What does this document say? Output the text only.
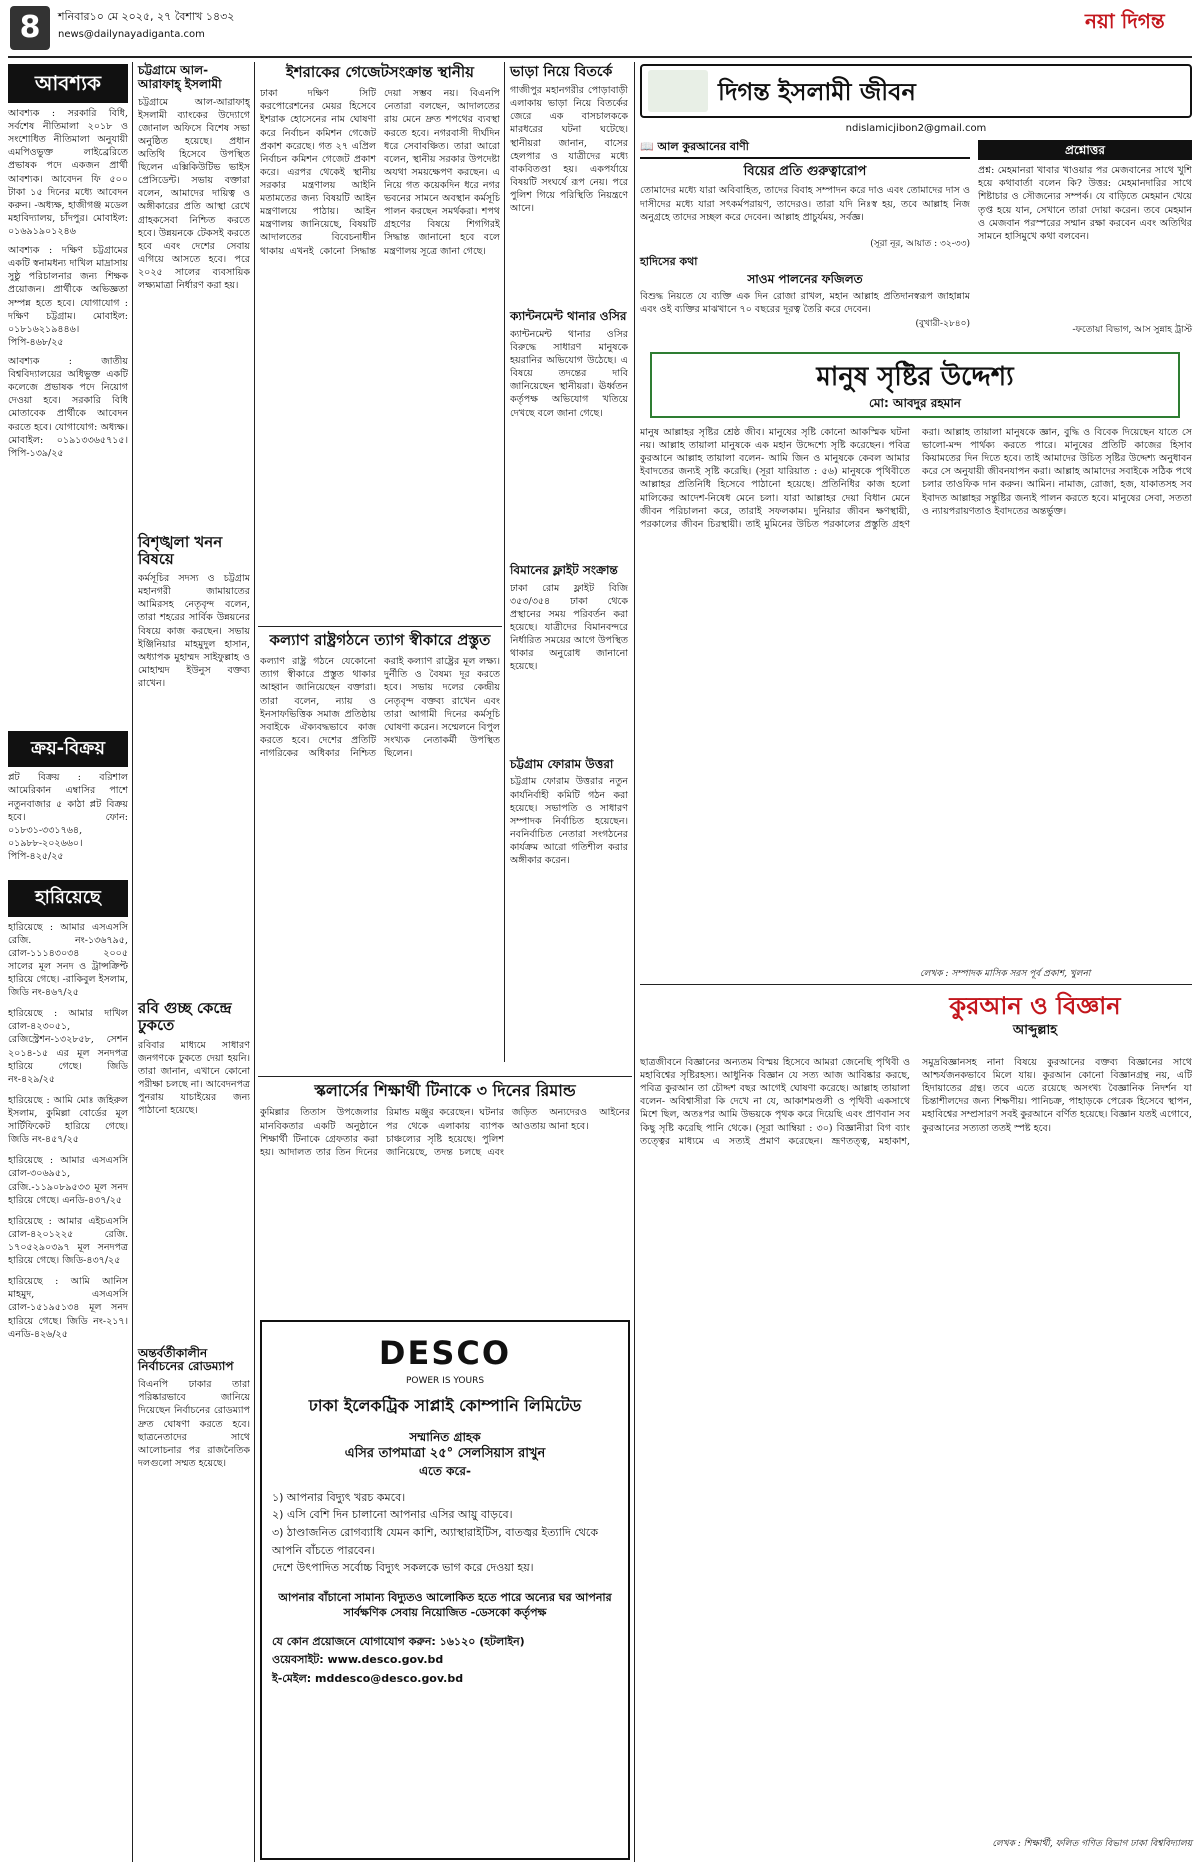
8	শনিবার১০ মে ২০২৫, ২৭ বৈশাখ ১৪৩২
news@dailynayadiganta.com
নয়া দিগন্ত
আবশ্যক

আবশ্যক : সরকারি বিধি, সর্বশেষ নীতিমালা ২০১৮ ও সংশোধিত নীতিমালা অনুযায়ী এমপিওভুক্ত লাইব্রেরিতে প্রভাষক পদে একজন প্রার্থী আবশ্যক। আবেদন ফি ৫০০ টাকা ১৫ দিনের মধ্যে আবেদন করুন। -অধ্যক্ষ, হাজীগঞ্জ মডেল মহাবিদ্যালয়, চাঁদপুর। মোবাইল: ০১৬৯১৯০১২৪৬

আবশ্যক : দক্ষিণ চট্টগ্রামের একটি স্বনামধন্য দাখিল মাদ্রাসায় সুষ্ঠু পরিচালনার জন্য শিক্ষক প্রয়োজন। প্রার্থীকে অভিজ্ঞতা সম্পন্ন হতে হবে। যোগাযোগ : দক্ষিণ চট্টগ্রাম। মোবাইল: ০১৮১৬২১৯৪৪৬। পিপি-৪৬৮/২৫

আবশ্যক : জাতীয় বিশ্ববিদ্যালয়ের অধিভুক্ত একটি কলেজে প্রভাষক পদে নিয়োগ দেওয়া হবে। সরকারি বিধি মোতাবেক প্রার্থীকে আবেদন করতে হবে। যোগাযোগ: অধ্যক্ষ। মোবাইল: ০১৯১৩৩৬৫৭১৫। পিপি-১৩৯/২৫

ক্রয়-বিক্রয়

প্লট বিক্রয় : বরিশাল আমেরিকান এম্বাসির পাশে নতুনবাজার ৫ কাঠা প্লট বিক্রয় হবে। ফোন: ০১৮৩১-৩৩১৭৬৪, ০১৯৮৮-২০২৬৬০। পিপি-৪২৫/২৫

হারিয়েছে

হারিয়েছে : আমার এসএসসি রেজি. নং-১৩৬৭৯৫, রোল-১১১৪৩০৩৪ ২০০৫ সালের মূল সনদ ও ট্রান্সক্রিপ্ট হারিয়ে গেছে। -রাকিবুল ইসলাম, জিডি নং-৪৬৭/২৫

হারিয়েছে : আমার দাখিল রোল-৪২৩০৫১, রেজিস্ট্রেশন-১৩২৮৫৮, সেশন ২০১৪-১৫ এর মূল সনদপত্র হারিয়ে গেছে। জিডি নং-৪২৯/২৫

হারিয়েছে : আমি মোঃ জহিরুল ইসলাম, কুমিল্লা বোর্ডের মূল সার্টিফিকেট হারিয়ে গেছে। জিডি নং-৪৫৭/২৫

হারিয়েছে : আমার এসএসসি রোল-৩০৬৯৫১, রেজি.-১১৯০৮৯৫৩৩ মূল সনদ হারিয়ে গেছে। এনডি-৪৩৭/২৫

হারিয়েছে : আমার এইচএসসি রোল-৪২০১২২৫ রেজি. ১৭০৫২৯০৩৯৭ মূল সনদপত্র হারিয়ে গেছে। জিডি-৪৩৭/২৫

হারিয়েছে : আমি আনিস মাহমুদ, এসএসসি রোল-১৫১৯৫১৩৪ মূল সনদ হারিয়ে গেছে। জিডি নং-২১৭। এনডি-৪২৬/২৫

চট্টগ্রামে আল-আরাফাহ্ ইসলামী
চট্টগ্রামে আল-আরাফাহ্ ইসলামী ব্যাংকের উদ্যোগে জোনাল অফিসে বিশেষ সভা অনুষ্ঠিত হয়েছে। প্রধান অতিথি হিসেবে উপস্থিত ছিলেন এক্সিকিউটিভ ভাইস প্রেসিডেন্ট। সভায় বক্তারা বলেন, আমাদের দায়িত্ব ও অঙ্গীকারের প্রতি আস্থা রেখে গ্রাহকসেবা নিশ্চিত করতে হবে। উন্নয়নকে টেকসই করতে হবে এবং দেশের সেবায় এগিয়ে আসতে হবে। পরে ২০২৫ সালের ব্যবসায়িক লক্ষ্যমাত্রা নির্ধারণ করা হয়।
বিশৃঙ্খলা খনন বিষয়ে
কর্মসূচির সদস্য ও চট্টগ্রাম মহানগরী জামায়াতের আমিরসহ নেতৃবৃন্দ বলেন, তারা শহরের সার্বিক উন্নয়নের বিষয়ে কাজ করছেন। সভায় ইঞ্জিনিয়ার মাহমুদুল হাসান, অধ্যাপক মুহাম্মদ সাইফুল্লাহ ও মোহাম্মদ ইউনুস বক্তব্য রাখেন।
রবি গুচ্ছ কেন্দ্রে ঢুকতে
রবিবার মাধ্যমে সাধারণ জনগণকে ঢুকতে দেয়া হয়নি। তারা জানান, এখানে কোনো পরীক্ষা চলছে না। আবেদনপত্র পুনরায় যাচাইয়ের জন্য পাঠানো হয়েছে।
অন্তর্বর্তীকালীন নির্বাচনের রোডম্যাপ
বিএনপি ঢাকার তারা পরিষ্কারভাবে জানিয়ে দিয়েছেন নির্বাচনের রোডম্যাপ দ্রুত ঘোষণা করতে হবে। ছাত্রনেতাদের সাথে আলোচনার পর রাজনৈতিক দলগুলো সম্মত হয়েছে।
ইশরাকের গেজেটসংক্রান্ত স্থানীয়
ঢাকা দক্ষিণ সিটি করপোরেশনের মেয়র হিসেবে ইশরাক হোসেনের নাম ঘোষণা করে নির্বাচন কমিশন গেজেট প্রকাশ করেছে। গত ২৭ এপ্রিল নির্বাচন কমিশন গেজেট প্রকাশ করে। এরপর থেকেই স্থানীয় সরকার মন্ত্রণালয় আইনি মতামতের জন্য বিষয়টি আইন মন্ত্রণালয়ে পাঠায়। আইন মন্ত্রণালয় জানিয়েছে, বিষয়টি আদালতের বিবেচনাধীন থাকায় এখনই কোনো সিদ্ধান্ত দেয়া সম্ভব নয়। বিএনপি নেতারা বলছেন, আদালতের রায় মেনে দ্রুত শপথের ব্যবস্থা করতে হবে। নগরবাসী দীর্ঘদিন ধরে সেবাবঞ্চিত। তারা আরো বলেন, স্থানীয় সরকার উপদেষ্টা অযথা সময়ক্ষেপণ করছেন। এ নিয়ে গত কয়েকদিন ধরে নগর ভবনের সামনে অবস্থান কর্মসূচি পালন করছেন সমর্থকরা। শপথ গ্রহণের বিষয়ে শিগগিরই সিদ্ধান্ত জানানো হবে বলে মন্ত্রণালয় সূত্রে জানা গেছে।
ভাড়া নিয়ে বিতর্কে
গাজীপুর মহানগরীর পোড়াবাড়ী এলাকায় ভাড়া নিয়ে বিতর্কের জেরে এক বাসচালককে মারধরের ঘটনা ঘটেছে। স্থানীয়রা জানান, বাসের হেলপার ও যাত্রীদের মধ্যে বাকবিতণ্ডা হয়। একপর্যায়ে বিষয়টি সংঘর্ষে রূপ নেয়। পরে পুলিশ গিয়ে পরিস্থিতি নিয়ন্ত্রণে আনে।
ক্যান্টনমেন্ট থানার ওসির
ক্যান্টনমেন্ট থানার ওসির বিরুদ্ধে সাধারণ মানুষকে হয়রানির অভিযোগ উঠেছে। এ বিষয়ে তদন্তের দাবি জানিয়েছেন স্থানীয়রা। ঊর্ধ্বতন কর্তৃপক্ষ অভিযোগ খতিয়ে দেখছে বলে জানা গেছে।
বিমানের ফ্লাইট সংক্রান্ত
ঢাকা রোম ফ্লাইট বিজি ৩৫৩/৩৫৪ ঢাকা থেকে প্রস্থানের সময় পরিবর্তন করা হয়েছে। যাত্রীদের বিমানবন্দরে নির্ধারিত সময়ের আগে উপস্থিত থাকার অনুরোধ জানানো হয়েছে।
চট্টগ্রাম ফোরাম উত্তরা
চট্টগ্রাম ফোরাম উত্তরার নতুন কার্যনির্বাহী কমিটি গঠন করা হয়েছে। সভাপতি ও সাধারণ সম্পাদক নির্বাচিত হয়েছেন। নবনির্বাচিত নেতারা সংগঠনের কার্যক্রম আরো গতিশীল করার অঙ্গীকার করেন।
কল্যাণ রাষ্ট্রগঠনে ত্যাগ স্বীকারে প্রস্তুত
কল্যাণ রাষ্ট্র গঠনে যেকোনো ত্যাগ স্বীকারে প্রস্তুত থাকার আহ্বান জানিয়েছেন বক্তারা। তারা বলেন, ন্যায় ও ইনসাফভিত্তিক সমাজ প্রতিষ্ঠায় সবাইকে ঐক্যবদ্ধভাবে কাজ করতে হবে। দেশের প্রতিটি নাগরিকের অধিকার নিশ্চিত করাই কল্যাণ রাষ্ট্রের মূল লক্ষ্য। দুর্নীতি ও বৈষম্য দূর করতে হবে। সভায় দলের কেন্দ্রীয় নেতৃবৃন্দ বক্তব্য রাখেন এবং তারা আগামী দিনের কর্মসূচি ঘোষণা করেন। সম্মেলনে বিপুল সংখ্যক নেতাকর্মী উপস্থিত ছিলেন।
স্কলার্সের শিক্ষার্থী টিনাকে ৩ দিনের রিমান্ড
কুমিল্লার তিতাস উপজেলার মানবিকতার একটি অনুষ্ঠানে শিক্ষার্থী টিনাকে গ্রেফতার করা হয়। আদালত তার তিন দিনের রিমান্ড মঞ্জুর করেছেন। ঘটনার পর থেকে এলাকায় ব্যাপক চাঞ্চল্যের সৃষ্টি হয়েছে। পুলিশ জানিয়েছে, তদন্ত চলছে এবং জড়িত অন্যদেরও আইনের আওতায় আনা হবে।
DESCO
POWER IS YOURS
ঢাকা ইলেকট্রিক সাপ্লাই কোম্পানি লিমিটেড
সম্মানিত গ্রাহক
এসির তাপমাত্রা ২৫° সেলসিয়াস রাখুন
এতে করে-
১) আপনার বিদ্যুৎ খরচ কমবে।
২) এসি বেশি দিন চালানো আপনার এসির আয়ু বাড়বে।
৩) ঠাণ্ডাজনিত রোগব্যাধি যেমন কাশি, অ্যাস্থারাইটিস, বাতজ্বর ইত্যাদি থেকে আপনি বাঁচতে পারবেন।
দেশে উৎপাদিত সর্বোচ্চ বিদ্যুৎ সকলকে ভাগ করে দেওয়া হয়।
আপনার বাঁচানো সামান্য বিদ্যুতও আলোকিত হতে পারে অন্যের ঘর আপনার সার্বক্ষণিক সেবায় নিয়োজিত -ডেসকো কর্তৃপক্ষ
যে কোন প্রয়োজনে যোগাযোগ করুন: ১৬১২০ (হটলাইন)
ওয়েবসাইট: www.desco.gov.bd
ই-মেইল: mddesco@desco.gov.bd
দিগন্ত ইসলামী জীবন
ndislamicjibon2@gmail.com
📖 আল কুরআনের বাণী
বিয়ের প্রতি গুরুত্বারোপ
তোমাদের মধ্যে যারা অবিবাহিত, তাদের বিবাহ সম্পাদন করে দাও এবং তোমাদের দাস ও দাসীদের মধ্যে যারা সৎকর্মপরায়ণ, তাদেরও। তারা যদি নিঃস্ব হয়, তবে আল্লাহ নিজ অনুগ্রহে তাদের সচ্ছল করে দেবেন। আল্লাহ প্রাচুর্যময়, সর্বজ্ঞ।
(সূরা নূর, আয়াত : ৩২-৩৩)
হাদিসের কথা
সাওম পালনের ফজিলত
বিশুদ্ধ নিয়তে যে ব্যক্তি এক দিন রোজা রাখল, মহান আল্লাহ প্রতিদানস্বরূপ জাহান্নাম এবং ওই ব্যক্তির মাঝখানে ৭০ বছরের দূরত্ব তৈরি করে দেবেন।
(বুখারী-২৮৪০)
প্রশ্নোত্তর
প্রশ্ন: মেহমানরা খাবার খাওয়ার পর মেজবানের সাথে খুশি হয়ে কথাবার্তা বলেন কি? উত্তর: মেহমানদারির সাথে শিষ্টাচার ও সৌজন্যের সম্পর্ক। যে বাড়িতে মেহমান খেয়ে তৃপ্ত হয়ে যান, সেখানে তারা দোয়া করেন। তবে মেহমান ও মেজবান পরস্পরের সম্মান রক্ষা করবেন এবং অতিথির সামনে হাসিমুখে কথা বলবেন।
-ফতোয়া বিভাগ, আস সুন্নাহ ট্রাস্ট
মানুষ সৃষ্টির উদ্দেশ্য
মো: আবদুর রহমান
মানুষ আল্লাহর সৃষ্টির শ্রেষ্ঠ জীব। মানুষের সৃষ্টি কোনো আকস্মিক ঘটনা নয়। আল্লাহ তায়ালা মানুষকে এক মহান উদ্দেশ্যে সৃষ্টি করেছেন। পবিত্র কুরআনে আল্লাহ তায়ালা বলেন- আমি জিন ও মানুষকে কেবল আমার ইবাদতের জন্যই সৃষ্টি করেছি। (সূরা যারিয়াত : ৫৬) মানুষকে পৃথিবীতে আল্লাহর প্রতিনিধি হিসেবে পাঠানো হয়েছে। প্রতিনিধির কাজ হলো মালিকের আদেশ-নিষেধ মেনে চলা। যারা আল্লাহর দেয়া বিধান মেনে জীবন পরিচালনা করে, তারাই সফলকাম। দুনিয়ার জীবন ক্ষণস্থায়ী, পরকালের জীবন চিরস্থায়ী। তাই মুমিনের উচিত পরকালের প্রস্তুতি গ্রহণ করা। আল্লাহ তায়ালা মানুষকে জ্ঞান, বুদ্ধি ও বিবেক দিয়েছেন যাতে সে ভালো-মন্দ পার্থক্য করতে পারে। মানুষের প্রতিটি কাজের হিসাব কিয়ামতের দিন দিতে হবে। তাই আমাদের উচিত সৃষ্টির উদ্দেশ্য অনুধাবন করে সে অনুযায়ী জীবনযাপন করা। আল্লাহ আমাদের সবাইকে সঠিক পথে চলার তাওফিক দান করুন। আমিন। নামাজ, রোজা, হজ, যাকাতসহ সব ইবাদত আল্লাহর সন্তুষ্টির জন্যই পালন করতে হবে। মানুষের সেবা, সততা ও ন্যায়পরায়ণতাও ইবাদতের অন্তর্ভুক্ত।
লেখক : সম্পাদক মাসিক সরস পূর্ব প্রকাশ, খুলনা
কুরআন ও বিজ্ঞান
আব্দুল্লাহ
ছাত্রজীবনে বিজ্ঞানের অন্যতম বিস্ময় হিসেবে আমরা জেনেছি পৃথিবী ও মহাবিশ্বের সৃষ্টিরহস্য। আধুনিক বিজ্ঞান যে সত্য আজ আবিষ্কার করছে, পবিত্র কুরআন তা চৌদ্দশ বছর আগেই ঘোষণা করেছে। আল্লাহ তায়ালা বলেন- অবিশ্বাসীরা কি দেখে না যে, আকাশমণ্ডলী ও পৃথিবী একসাথে মিশে ছিল, অতঃপর আমি উভয়কে পৃথক করে দিয়েছি এবং প্রাণবান সব কিছু সৃষ্টি করেছি পানি থেকে। (সূরা আম্বিয়া : ৩০) বিজ্ঞানীরা বিগ ব্যাং তত্ত্বের মাধ্যমে এ সত্যই প্রমাণ করেছেন। ভ্রূণতত্ত্ব, মহাকাশ, সমুদ্রবিজ্ঞানসহ নানা বিষয়ে কুরআনের বক্তব্য বিজ্ঞানের সাথে আশ্চর্যজনকভাবে মিলে যায়। কুরআন কোনো বিজ্ঞানগ্রন্থ নয়, এটি হিদায়াতের গ্রন্থ। তবে এতে রয়েছে অসংখ্য বৈজ্ঞানিক নিদর্শন যা চিন্তাশীলদের জন্য শিক্ষণীয়। পানিচক্র, পাহাড়কে পেরেক হিসেবে স্থাপন, মহাবিশ্বের সম্প্রসারণ সবই কুরআনে বর্ণিত হয়েছে। বিজ্ঞান যতই এগোবে, কুরআনের সত্যতা ততই স্পষ্ট হবে।
লেখক : শিক্ষার্থী, ফলিত গণিত বিভাগ ঢাকা বিশ্ববিদ্যালয়
